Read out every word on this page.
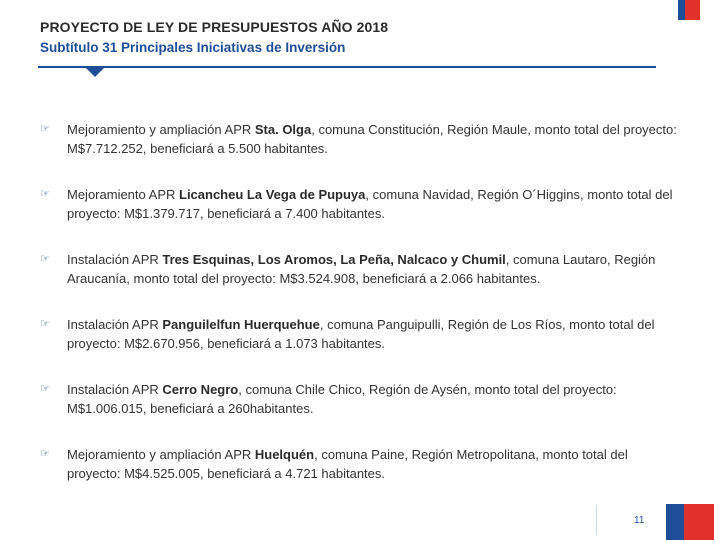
PROYECTO DE LEY DE PRESUPUESTOS AÑO 2018
Subtítulo 31 Principales Iniciativas de Inversión
☞	Mejoramiento y ampliación APR Sta. Olga, comuna Constitución, Región Maule, monto total del proyecto: M$7.712.252, beneficiará a 5.500 habitantes.
☞	Mejoramiento APR Licancheu La Vega de Pupuya, comuna Navidad, Región O´Higgins, monto total del proyecto: M$1.379.717, beneficiará a 7.400 habitantes.
☞	Instalación APR Tres Esquinas, Los Aromos, La Peña, Nalcaco y Chumil, comuna Lautaro, Región Araucanía, monto total del proyecto: M$3.524.908, beneficiará a 2.066 habitantes.
☞	Instalación APR Panguilelfun Huerquehue, comuna Panguipulli, Región de Los Ríos, monto total del proyecto: M$2.670.956, beneficiará a 1.073 habitantes.
☞	Instalación APR Cerro Negro, comuna Chile Chico, Región de Aysén, monto total del proyecto: M$1.006.015, beneficiará a 260habitantes.
☞	Mejoramiento y ampliación APR Huelquén, comuna Paine, Región Metropolitana, monto total del proyecto: M$4.525.005, beneficiará a 4.721 habitantes.
11
